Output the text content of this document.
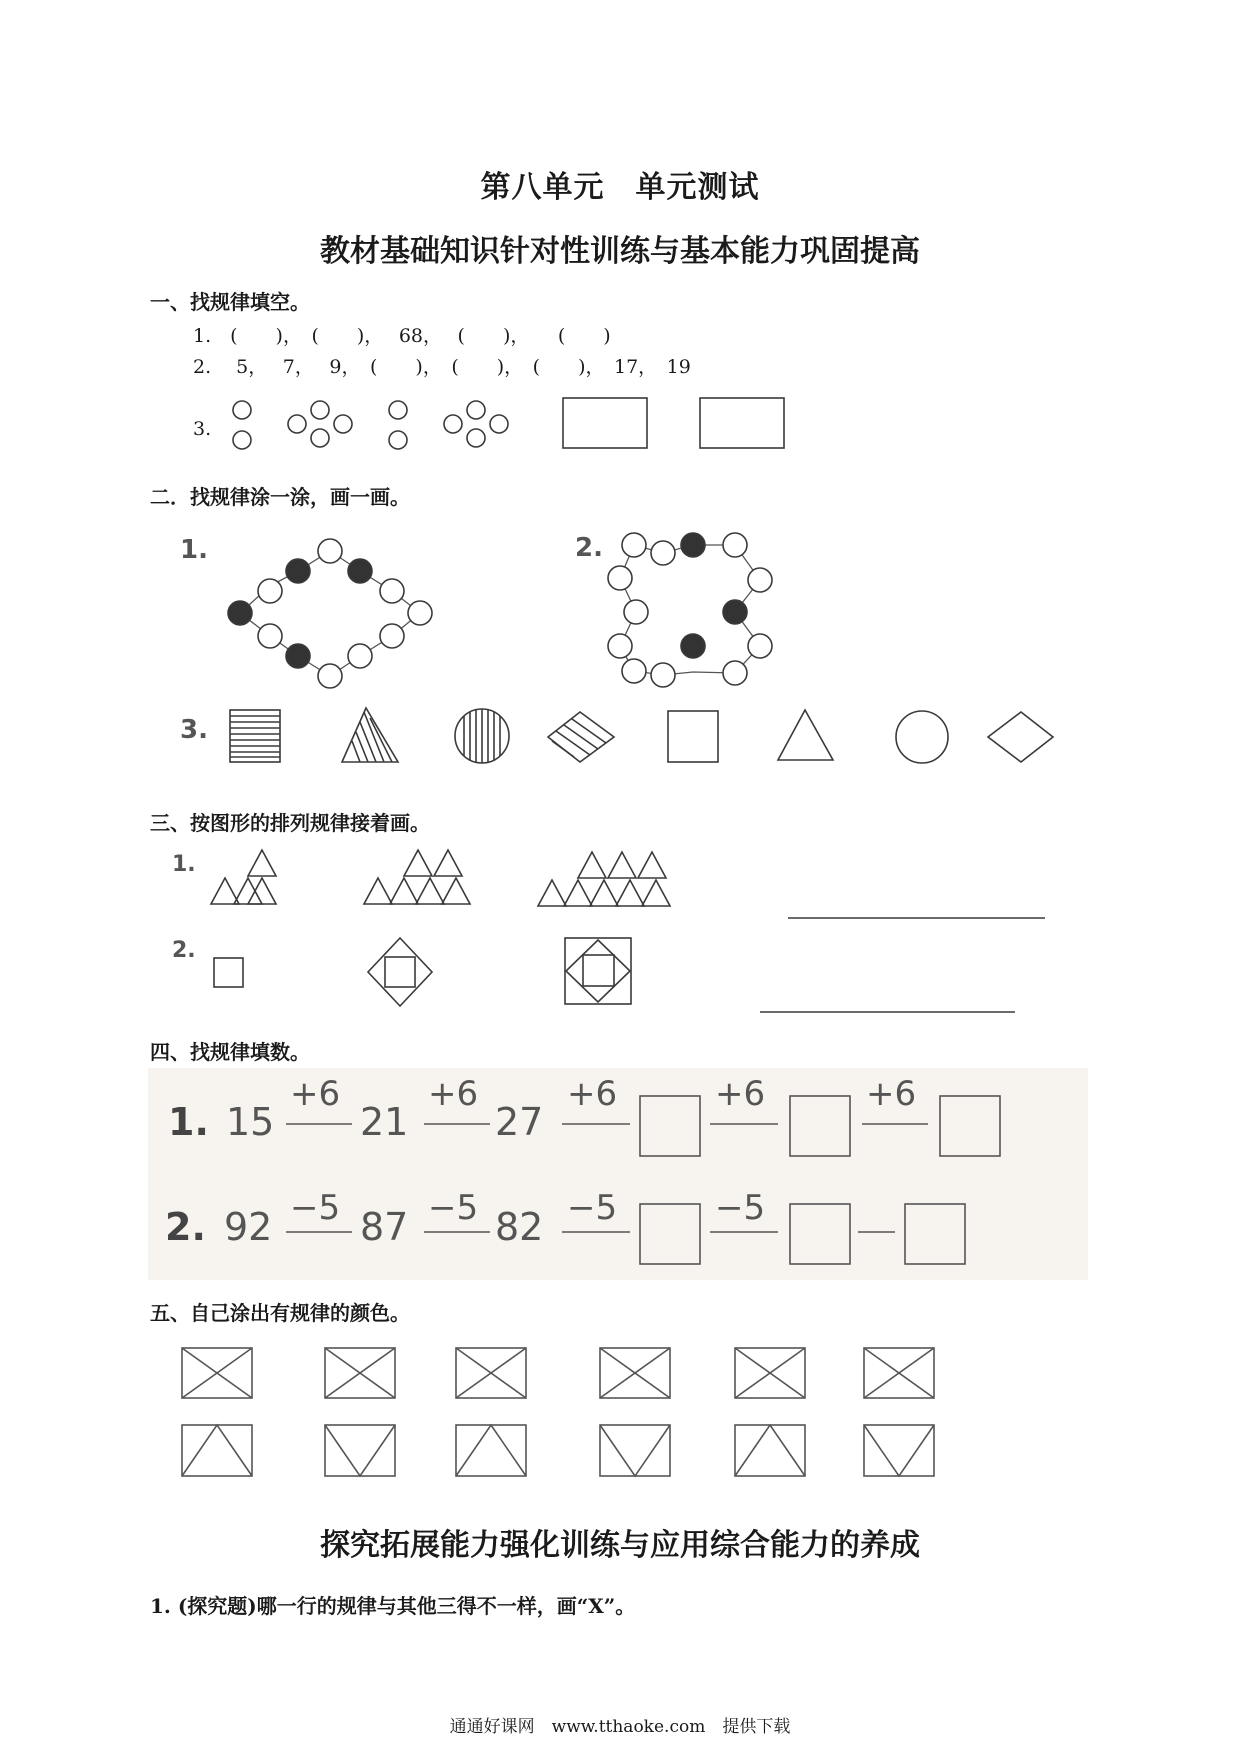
第八单元　单元测试
教材基础知识针对性训练与基本能力巩固提高
一、找规律填空。
1.　(　　)，　(　　)，　 68，　 (　　)，　　(　　)
2.　 5，　 7，　 9，　(　　)，　(　　)，　(　　)，　17，　19
3.
二．找规律涂一涂，画一画。
1.	2.
3.
三、按图形的排列规律接着画。
1.
2.
四、找规律填数。
1. 15 21 27
2. 92 87 82
+6	+6	+6	+6	+6
−5	−5	−5	−5
五、自己涂出有规律的颜色。
探究拓展能力强化训练与应用综合能力的养成
1. (探究题)哪一行的规律与其他三得不一样，画“X”。
通通好课网　www.tthaoke.com　提供下载
